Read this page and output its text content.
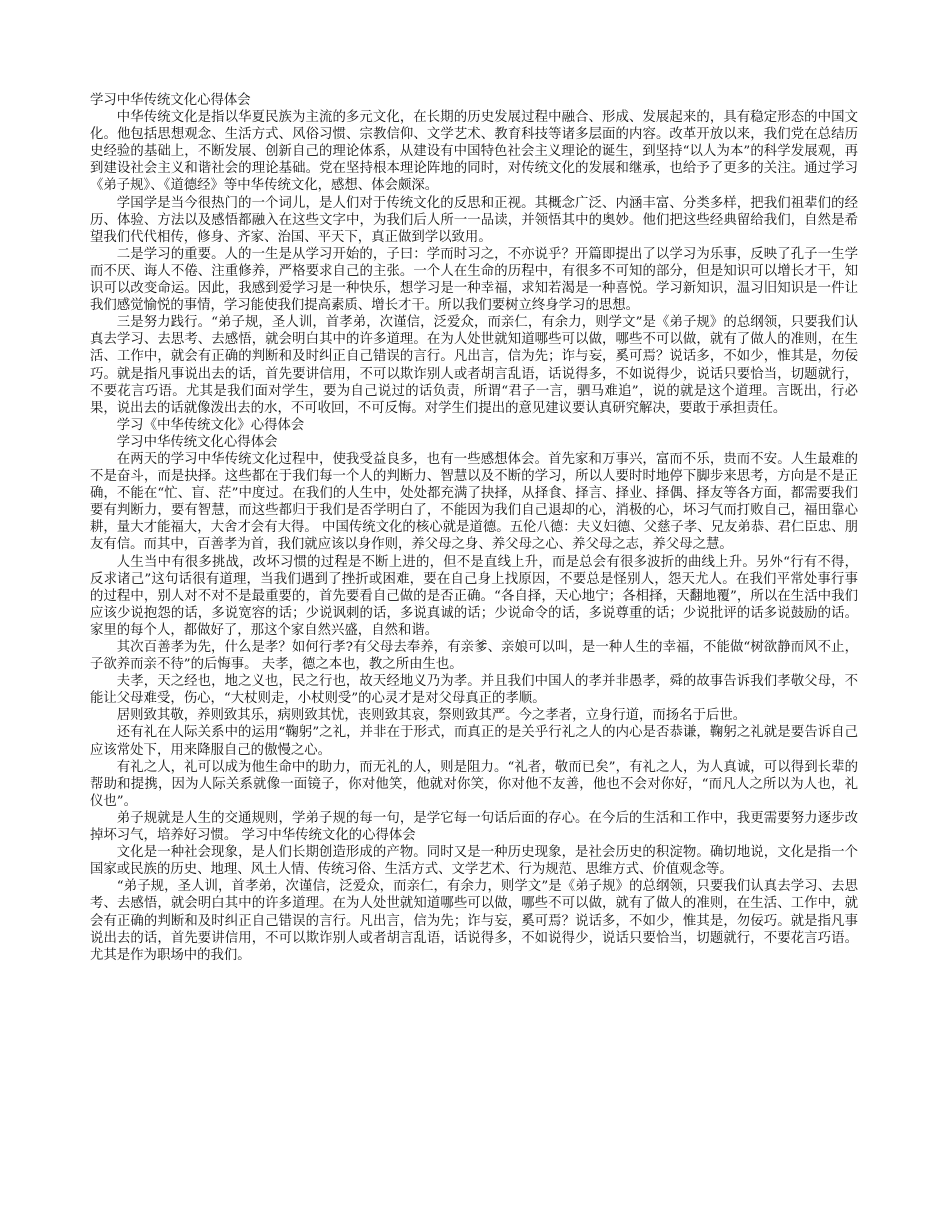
学习中华传统文化心得体会

中华传统文化是指以华夏民族为主流的多元文化，在长期的历史发展过程中融合、形成、发展起来的，具有稳定形态的中国文化。他包括思想观念、生活方式、风俗习惯、宗教信仰、文学艺术、教育科技等诸多层面的内容。改革开放以来，我们党在总结历史经验的基础上，不断发展、创新自己的理论体系，从建设有中国特色社会主义理论的诞生，到坚持“以人为本”的科学发展观，再到建设社会主义和谐社会的理论基础。党在坚持根本理论阵地的同时，对传统文化的发展和继承，也给予了更多的关注。通过学习《弟子规》、《道德经》等中华传统文化，感想、体会颇深。

学国学是当今很热门的一个词儿，是人们对于传统文化的反思和正视。其概念广泛、内涵丰富、分类多样，把我们祖辈们的经历、体验、方法以及感悟都融入在这些文字中，为我们后人所一一品读，并领悟其中的奥妙。他们把这些经典留给我们，自然是希望我们代代相传，修身、齐家、治国、平天下，真正做到学以致用。

二是学习的重要。人的一生是从学习开始的，子曰：学而时习之，不亦说乎？开篇即提出了以学习为乐事，反映了孔子一生学而不厌、诲人不倦、注重修养，严格要求自己的主张。一个人在生命的历程中，有很多不可知的部分，但是知识可以增长才干，知识可以改变命运。因此，我感到爱学习是一种快乐，想学习是一种幸福，求知若渴是一种喜悦。学习新知识，温习旧知识是一件让我们感觉愉悦的事情，学习能使我们提高素质、增长才干。所以我们要树立终身学习的思想。

三是努力践行。“弟子规，圣人训，首孝弟，次谨信，泛爱众，而亲仁，有余力，则学文”是《弟子规》的总纲领，只要我们认真去学习、去思考、去感悟，就会明白其中的许多道理。在为人处世就知道哪些可以做，哪些不可以做，就有了做人的准则，在生活、工作中，就会有正确的判断和及时纠正自己错误的言行。凡出言，信为先；诈与妄，奚可焉？说话多，不如少，惟其是，勿佞巧。就是指凡事说出去的话，首先要讲信用，不可以欺诈别人或者胡言乱语，话说得多，不如说得少，说话只要恰当，切题就行，不要花言巧语。尤其是我们面对学生，要为自己说过的话负责，所谓“君子一言，驷马难追”，说的就是这个道理。言既出，行必果，说出去的话就像泼出去的水，不可收回，不可反悔。对学生们提出的意见建议要认真研究解决，要敢于承担责任。

学习《中华传统文化》心得体会
学习中华传统文化心得体会

在两天的学习中华传统文化过程中，使我受益良多，也有一些感想体会。首先家和万事兴，富而不乐，贵而不安。人生最难的不是奋斗，而是抉择。这些都在于我们每一个人的判断力、智慧以及不断的学习，所以人要时时地停下脚步来思考，方向是不是正确，不能在“忙、盲、茫”中度过。在我们的人生中，处处都充满了抉择，从择食、择言、择业、择偶、择友等各方面，都需要我们要有判断力，要有智慧，而这些都归于我们是否学明白了，不能因为我们自己退却的心，消极的心，坏习气而打败自己，福田靠心耕，量大才能福大，大舍才会有大得。 中国传统文化的核心就是道德。五伦八德：夫义妇德、父慈子孝、兄友弟恭、君仁臣忠、朋友有信。而其中，百善孝为首，我们就应该以身作则，养父母之身、养父母之心、养父母之志，养父母之慧。

人生当中有很多挑战，改坏习惯的过程是不断上进的，但不是直线上升，而是总会有很多波折的曲线上升。另外“行有不得，反求诸己”这句话很有道理，当我们遇到了挫折或困难，要在自己身上找原因，不要总是怪别人，怨天尤人。在我们平常处事行事的过程中，别人对不对不是最重要的，首先要看自己做的是否正确。“各自择，天心地宁；各相择，天翻地覆”，所以在生活中我们应该少说抱怨的话，多说宽容的话；少说讽刺的话，多说真诚的话；少说命令的话，多说尊重的话；少说批评的话多说鼓励的话。家里的每个人，都做好了，那这个家自然兴盛，自然和谐。

其次百善孝为先，什么是孝？如何行孝?有父母去奉养，有亲爹、亲娘可以叫，是一种人生的幸福，不能做“树欲静而风不止，子欲养而亲不待”的后悔事。 夫孝，德之本也，教之所由生也。

夫孝，天之经也，地之义也，民之行也，故天经地义乃为孝。并且我们中国人的孝并非愚孝，舜的故事告诉我们孝敬父母，不能让父母难受，伤心，“大杖则走，小杖则受”的心灵才是对父母真正的孝顺。

居则致其敬，养则致其乐，病则致其忧，丧则致其哀，祭则致其严。今之孝者，立身行道，而扬名于后世。

还有礼在人际关系中的运用“鞠躬”之礼，并非在于形式，而真正的是关乎行礼之人的内心是否恭谦，鞠躬之礼就是要告诉自己应该常处下，用来降服自己的傲慢之心。

有礼之人，礼可以成为他生命中的助力，而无礼的人，则是阻力。“礼者，敬而已矣”，有礼之人，为人真诚，可以得到长辈的帮助和提携，因为人际关系就像一面镜子，你对他笑，他就对你笑，你对他不友善，他也不会对你好，“而凡人之所以为人也，礼仪也”。

弟子规就是人生的交通规则，学弟子规的每一句，是学它每一句话后面的存心。在今后的生活和工作中，我更需要努力逐步改掉坏习气，培养好习惯。 学习中华传统文化的心得体会

文化是一种社会现象，是人们长期创造形成的产物。同时又是一种历史现象，是社会历史的积淀物。确切地说，文化是指一个国家或民族的历史、地理、风土人情、传统习俗、生活方式、文学艺术、行为规范、思维方式、价值观念等。

“弟子规，圣人训，首孝弟，次谨信，泛爱众，而亲仁，有余力，则学文”是《弟子规》的总纲领，只要我们认真去学习、去思考、去感悟，就会明白其中的许多道理。在为人处世就知道哪些可以做，哪些不可以做，就有了做人的准则，在生活、工作中，就会有正确的判断和及时纠正自己错误的言行。凡出言，信为先；诈与妄，奚可焉？说话多，不如少，惟其是，勿佞巧。就是指凡事说出去的话，首先要讲信用，不可以欺诈别人或者胡言乱语，话说得多，不如说得少，说话只要恰当，切题就行，不要花言巧语。尤其是作为职场中的我们。
